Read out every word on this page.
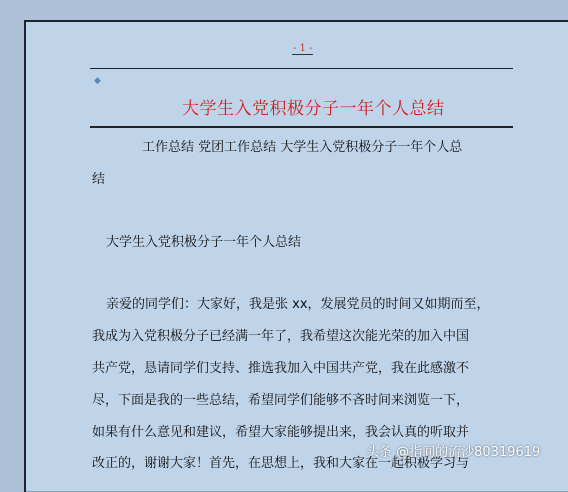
- 1 -
◆
大学生入党积极分子一年个人总结
工作总结 党团工作总结 大学生入党积极分子一年个人总
结
大学生入党积极分子一年个人总结
亲爱的同学们：大家好，我是张 xx，发展党员的时间又如期而至，
我成为入党积极分子已经满一年了，我希望这次能光荣的加入中国
共产党，恳请同学们支持、推选我加入中国共产党，我在此感激不
尽，下面是我的一些总结，希望同学们能够不吝时间来浏览一下，
如果有什么意见和建议，希望大家能够提出来，我会认真的听取并
改正的，谢谢大家！首先，在思想上，我和大家在一起积极学习与
头条 @指间的流沙80319619
